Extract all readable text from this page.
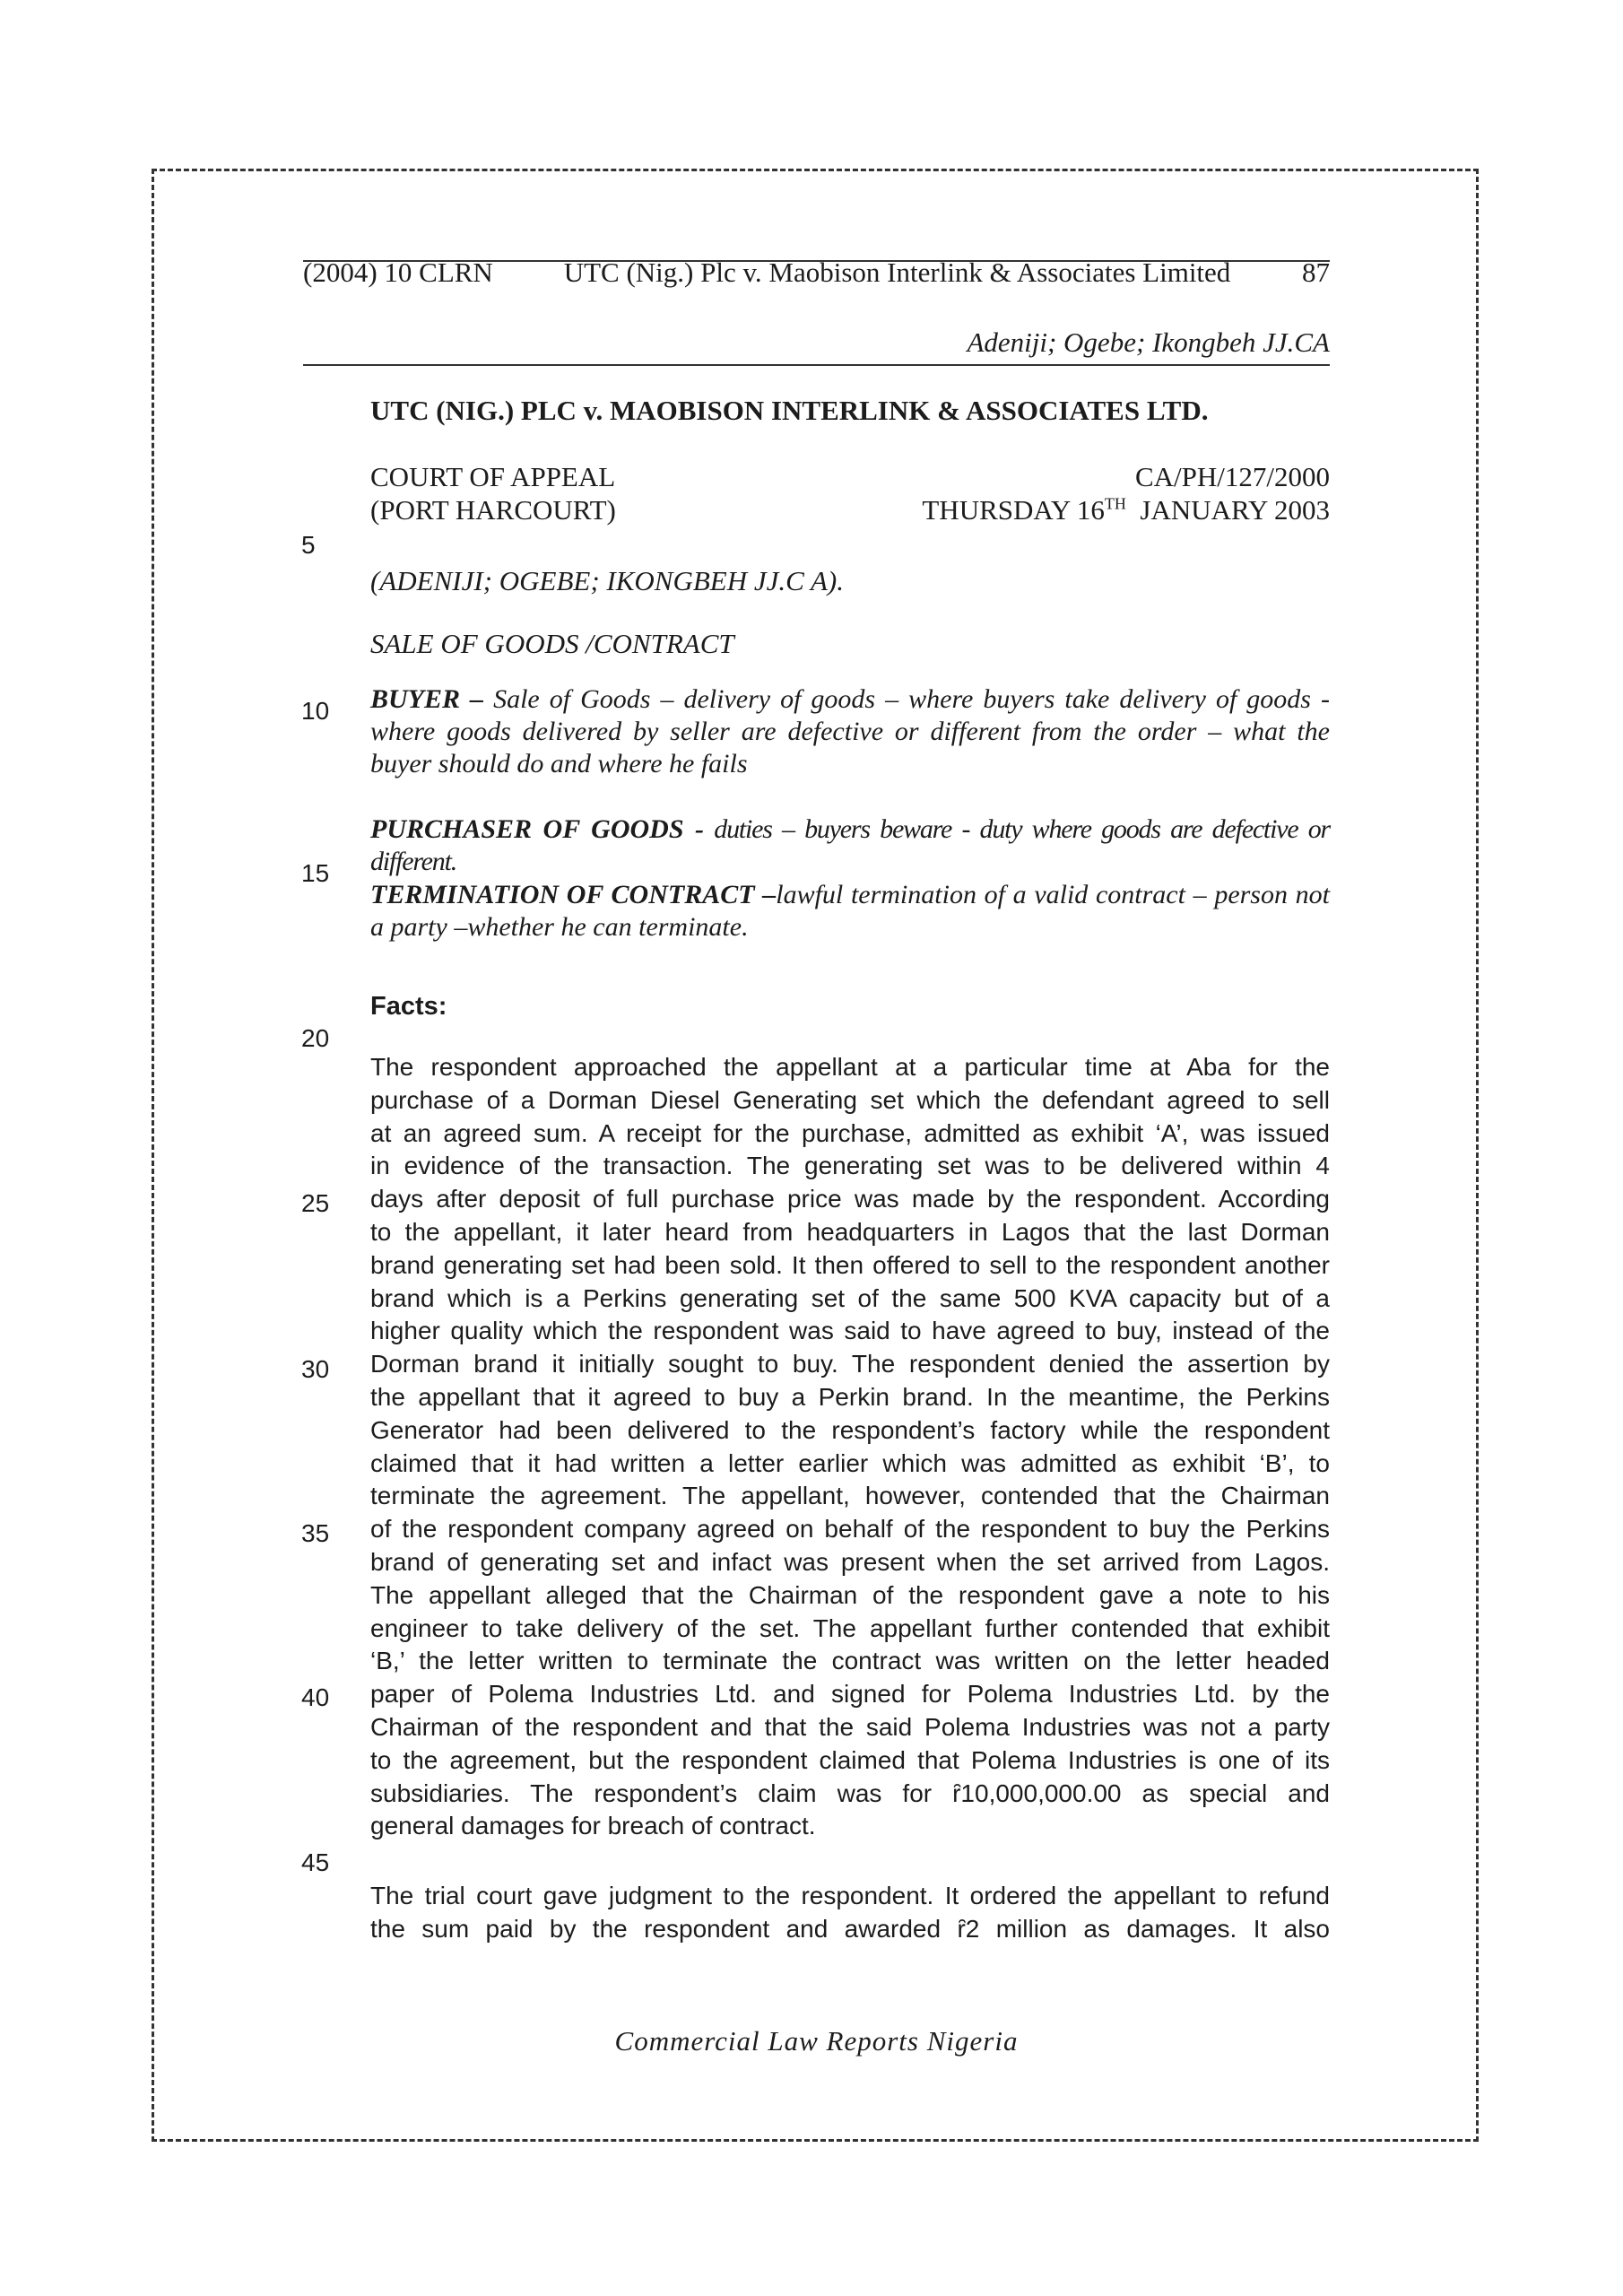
(2004) 10 CLRN	UTC (Nig.) Plc v. Maobison Interlink & Associates Limited	87
Adeniji; Ogebe; Ikongbeh JJ.CA
UTC (NIG.) PLC v. MAOBISON INTERLINK & ASSOCIATES LTD.
COURT OF APPEAL	CA/PH/127/2000
(PORT HARCOURT)	THURSDAY 16TH  JANUARY 2003
(ADENIJI; OGEBE; IKONGBEH JJ.C A).
SALE OF GOODS /CONTRACT
BUYER – Sale of Goods – delivery of goods – where buyers take delivery of goods - where goods delivered by seller are defective or different from the order – what the buyer should do and where he fails
PURCHASER OF GOODS - duties – buyers beware - duty where goods are defective or different.
TERMINATION OF CONTRACT –lawful termination of a valid contract – person not a party –whether he can terminate.
Facts:
The respondent approached the appellant at a particular time at Aba for the
purchase of a Dorman Diesel Generating set which the defendant agreed to sell
at an agreed sum. A receipt for the purchase, admitted as exhibit ‘A’, was issued
in evidence of the transaction. The generating set was to be delivered within 4
days after deposit of full purchase price was made by the respondent. According
to the appellant, it later heard from headquarters in Lagos that the last Dorman
brand generating set had been sold. It then offered to sell to the respondent another
brand which is a Perkins generating set of the same 500 KVA capacity but of a
higher quality which the respondent was said to have agreed to buy, instead of the
Dorman brand it initially sought to buy. The respondent denied the assertion by
the appellant that it agreed to buy a Perkin brand. In the meantime, the Perkins
Generator had been delivered to the respondent’s factory while the respondent
claimed that it had written a letter earlier which was admitted as exhibit ‘B’, to
terminate the agreement. The appellant, however, contended that the Chairman
of the respondent company agreed on behalf of the respondent to buy the Perkins
brand of generating set and infact was present when the set arrived from Lagos.
The appellant alleged that the Chairman of the respondent gave a note to his
engineer to take delivery of the set. The appellant further contended that exhibit
‘B,’ the letter written to terminate the contract was written on the letter headed
paper of Polema Industries Ltd. and signed for Polema Industries Ltd. by the
Chairman of the respondent and that the said Polema Industries was not a party
to the agreement, but the respondent claimed that Polema Industries is one of its
subsidiaries. The respondent’s claim was for ȓ10,000,000.00 as special and
general damages for breach of contract.
The trial court gave judgment to the respondent. It ordered the appellant to refund
the sum paid by the respondent and awarded ȓ2 million as damages. It also
5
10
15
20
25
30
35
40
45
Commercial Law Reports Nigeria
